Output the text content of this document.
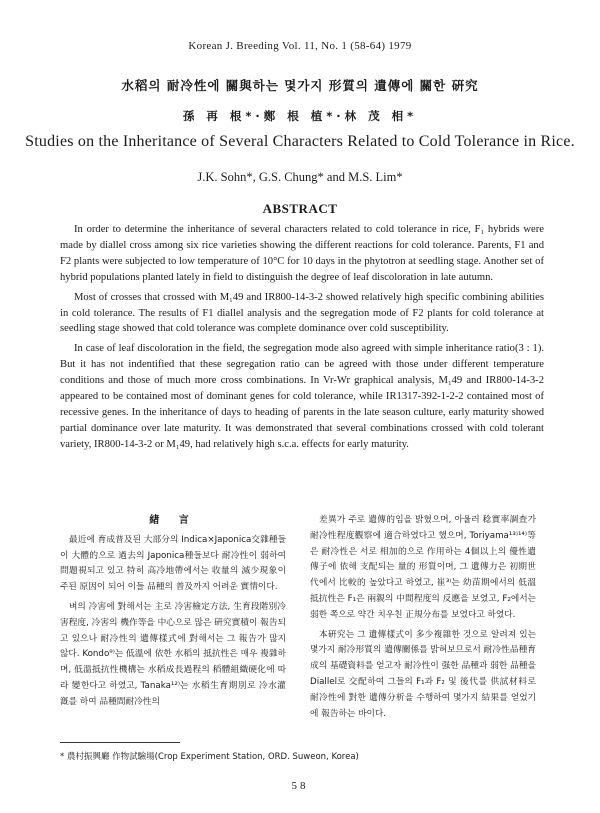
Korean J. Breeding Vol. 11, No. 1 (58-64) 1979
水稻의 耐冷性에 關與하는 몇가지 形質의 遺傳에 關한 硏究
孫 再 根*·鄭 根 植*·林 茂 相*
Studies on the Inheritance of Several Characters Related to Cold Tolerance in Rice.
J.K. Sohn*, G.S. Chung* and M.S. Lim*
ABSTRACT

In order to determine the inheritance of several characters related to cold tolerance in rice, F₁ hybrids were made by diallel cross among six rice varieties showing the different reactions for cold tolerance. Parents, F1 and F2 plants were subjected to low temperature of 10°C for 10 days in the phytotron at seedling stage. Another set of hybrid populations planted lately in field to distinguish the degree of leaf discoloration in late autumn.

Most of crosses that crossed with M₁49 and IR800-14-3-2 showed relatively high specific combining abilities in cold tolerance. The results of F1 diallel analysis and the segregation mode of F2 plants for cold tolerance at seedling stage showed that cold tolerance was complete dominance over cold susceptibility.

In case of leaf discoloration in the field, the segregation mode also agreed with simple inheritance ratio(3 : 1). But it has not indentified that these segregation ratio can be agreed with those under different temperature conditions and those of much more cross combinations. In Vr-Wr graphical analysis, M₁49 and IR800-14-3-2 appeared to be contained most of dominant genes for cold tolerance, while IR1317-392-1-2-2 contained most of recessive genes. In the inheritance of days to heading of parents in the late season culture, early maturity showed partial dominance over late maturity. It was demonstrated that several combinations crossed with cold tolerant variety, IR800-14-3-2 or M₁49, had relatively high s.c.a. effects for early maturity.

緖 言

最近에 育成普及된 大部分의 Indica×Japonica交雜種들이 大體的으로 過去의 Japonica種들보다 耐冷性이 弱하여 問題視되고 있고 特히 高冷地帶에서는 收量의 減少現象이 주된 原因이 되어 이들 品種의 普及까지 어려운 實情이다.

벼의 冷害에 對해서는 主로 冷害檢定方法, 生育段階別冷害程度, 冷害의 機作等을 中心으로 많은 硏究實積이 報告되고 있으나 耐冷性의 遺傳樣式에 對해서는 그 報告가 많지 않다. Kondo⁹⁾는 低溫에 依한 水稻의 抵抗性은 매우 複雜하며, 低溫抵抗性機構는 水稻成長過程의 稻體組織硬化에 따라 變한다고 하였고, Tanaka¹²⁾는 水稻生育期別로 冷水灌漑를 하여 品種間耐冷性의

差異가 주로 遺傳的임을 밝혔으며, 아울러 稔實率調査가 耐冷性程度觀察에 適合하였다고 했으며, Toriyama¹³⁾¹⁴⁾等은 耐冷性은 서로 相加的으로 作用하는 4個以上의 優性遺傳子에 依해 支配되는 量的 形質이며, 그 遺傳力은 初期世代에서 比較的 높았다고 하였고, 崔³⁾는 幼苗期에서의 低溫抵抗性은 F₁은 兩親의 中間程度의 反應을 보였고, F₂에서는 弱한 쪽으로 약간 치우친 正規分布를 보였다고 하였다.

本硏究는 그 遺傳樣式이 多少複雜한 것으로 알려져 있는 몇가지 耐冷形質의 遺傳關係를 밝혀보므로서 耐冷性品種育成의 基礎資料를 얻고자 耐冷性이 强한 品種과 弱한 品種을 Diallel로 交配하여 그들의 F₁과 F₂ 및 後代를 供試材料로 耐冷性에 對한 遺傳分析을 수행하여 몇가지 結果를 얻었기에 報告하는 바이다.

* 農村振興廳 作物試驗場(Crop Experiment Station, ORD. Suweon, Korea)
58
